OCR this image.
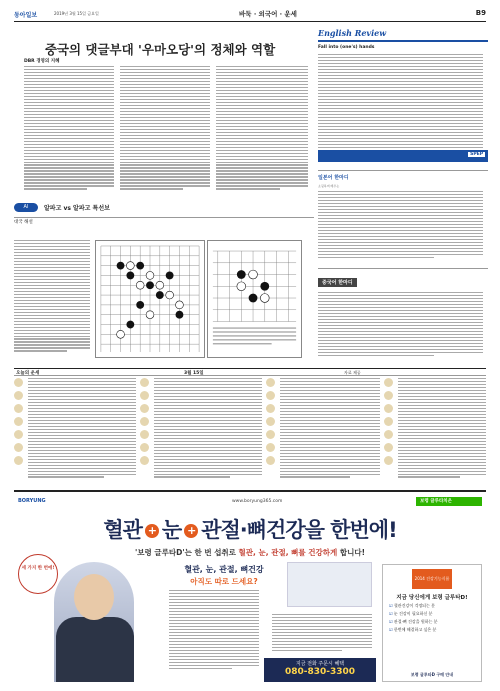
동아일보	2019년 3월 15일 금요일	바둑 · 외국어 · 운세	B9
중국의 댓글부대 '우마오당'의 정체와 역할
DBR 경영의 지혜
English Review
Fall into (one's) hands
SPEP
일본어 한마디
쇼핑하며 배우는
중국어 한마디
AI	알파고 vs 알파고 특선보
대국 해설
오늘의 운세	3월 15일	자료 제공
BORYUNG	www.boryung365.com	보령 글루타치온
혈관 + 눈 + 관절·뼈건강을 한번에!
'보령 글루타D'는 한 번 섭취로 혈관, 눈, 관절, 뼈를 건강하게 합니다!
세 가지 한 번에!	혈관, 눈, 관절, 뼈건강
아직도 따로 드세요?
지금 전화 주문시 혜택
080-830-3300
2014 건강기능식품
지금 당신에게 보령 글루타D!
☑ 혈관건강이 걱정되는 분
☑ 눈 건강이 필요하신 분
☑ 관절·뼈 건강을 원하는 분
☑ 한번에 해결하고 싶은 분
보령 글루타D 구매 안내
